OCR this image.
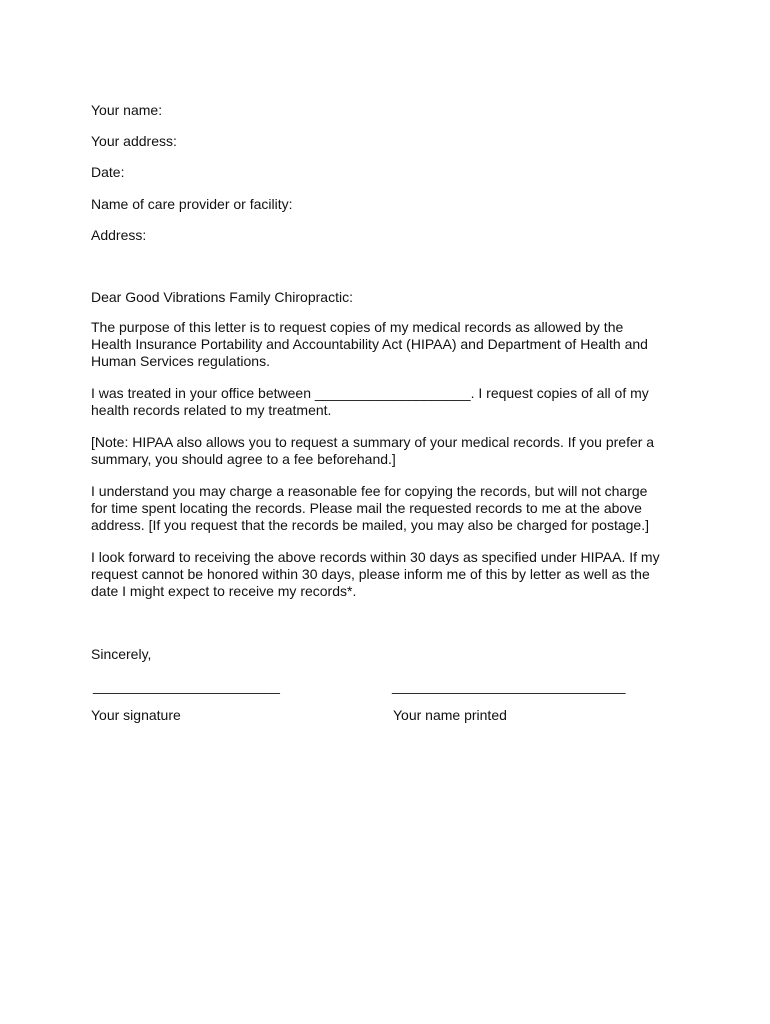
Your name:
Your address:
Date:
Name of care provider or facility:
Address:
Dear Good Vibrations Family Chiropractic:
The purpose of this letter is to request copies of my medical records as allowed by the
Health Insurance Portability and Accountability Act (HIPAA) and Department of Health and
Human Services regulations.
I was treated in your office between ____________________. I request copies of all of my
health records related to my treatment.
[Note: HIPAA also allows you to request a summary of your medical records. If you prefer a
summary, you should agree to a fee beforehand.]
I understand you may charge a reasonable fee for copying the records, but will not charge
for time spent locating the records. Please mail the requested records to me at the above
address. [If you request that the records be mailed, you may also be charged for postage.]
I look forward to receiving the above records within 30 days as specified under HIPAA. If my
request cannot be honored within 30 days, please inform me of this by letter as well as the
date I might expect to receive my records*.
Sincerely,
________________________	______________________________
Your signature	Your name printed
